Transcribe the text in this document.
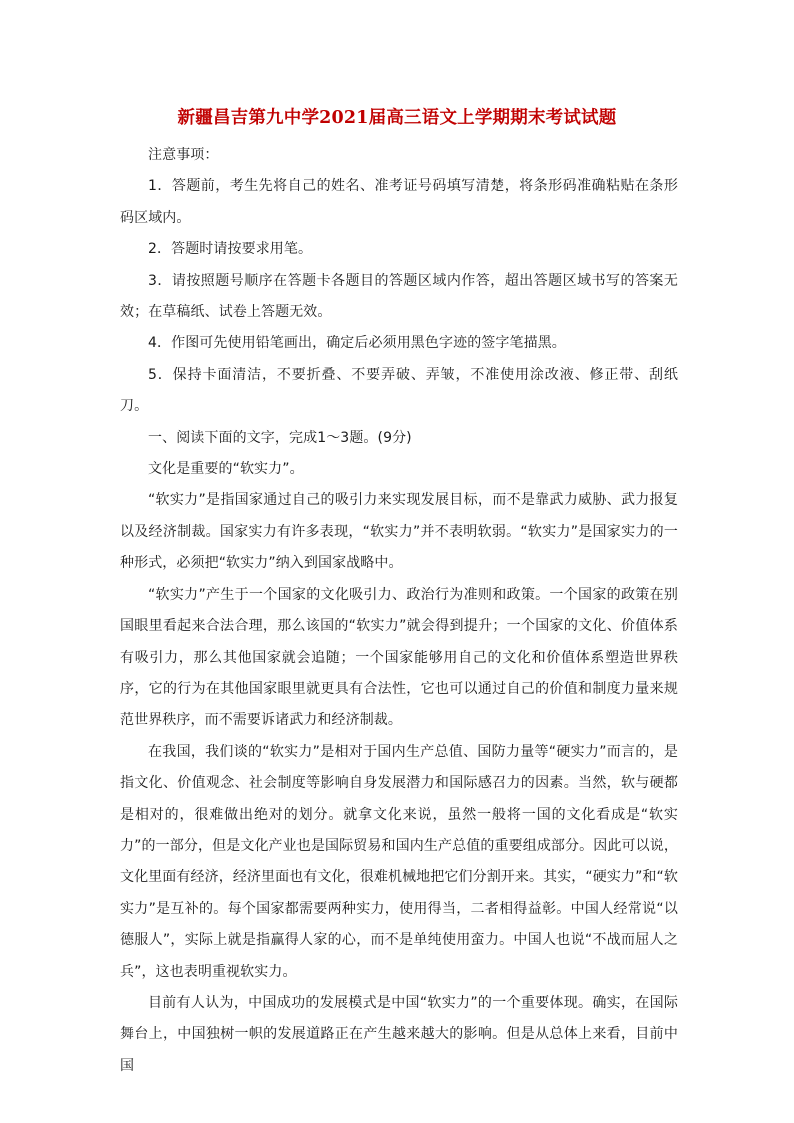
新疆昌吉第九中学2021届高三语文上学期期末考试试题

注意事项：

1．答题前，考生先将自己的姓名、准考证号码填写清楚，将条形码准确粘贴在条形码区域内。

2．答题时请按要求用笔。

3．请按照题号顺序在答题卡各题目的答题区域内作答，超出答题区域书写的答案无效；在草稿纸、试卷上答题无效。

4．作图可先使用铅笔画出，确定后必须用黑色字迹的签字笔描黑。

5．保持卡面清洁，不要折叠、不要弄破、弄皱，不准使用涂改液、修正带、刮纸刀。

一、阅读下面的文字，完成1～3题。(9分)

文化是重要的“软实力”。

“软实力”是指国家通过自己的吸引力来实现发展目标，而不是靠武力威胁、武力报复以及经济制裁。国家实力有许多表现，“软实力”并不表明软弱。“软实力”是国家实力的一种形式，必须把“软实力”纳入到国家战略中。

“软实力”产生于一个国家的文化吸引力、政治行为准则和政策。一个国家的政策在别国眼里看起来合法合理，那么该国的“软实力”就会得到提升；一个国家的文化、价值体系有吸引力，那么其他国家就会追随；一个国家能够用自己的文化和价值体系塑造世界秩序，它的行为在其他国家眼里就更具有合法性，它也可以通过自己的价值和制度力量来规范世界秩序，而不需要诉诸武力和经济制裁。

在我国，我们谈的“软实力”是相对于国内生产总值、国防力量等“硬实力”而言的，是指文化、价值观念、社会制度等影响自身发展潜力和国际感召力的因素。当然，软与硬都是相对的，很难做出绝对的划分。就拿文化来说，虽然一般将一国的文化看成是“软实力”的一部分，但是文化产业也是国际贸易和国内生产总值的重要组成部分。因此可以说，文化里面有经济，经济里面也有文化，很难机械地把它们分割开来。其实，“硬实力”和“软实力”是互补的。每个国家都需要两种实力，使用得当，二者相得益彰。中国人经常说“以德服人”，实际上就是指赢得人家的心，而不是单纯使用蛮力。中国人也说“不战而屈人之兵”，这也表明重视软实力。

目前有人认为，中国成功的发展模式是中国“软实力”的一个重要体现。确实，在国际舞台上，中国独树一帜的发展道路正在产生越来越大的影响。但是从总体上来看，目前中国
